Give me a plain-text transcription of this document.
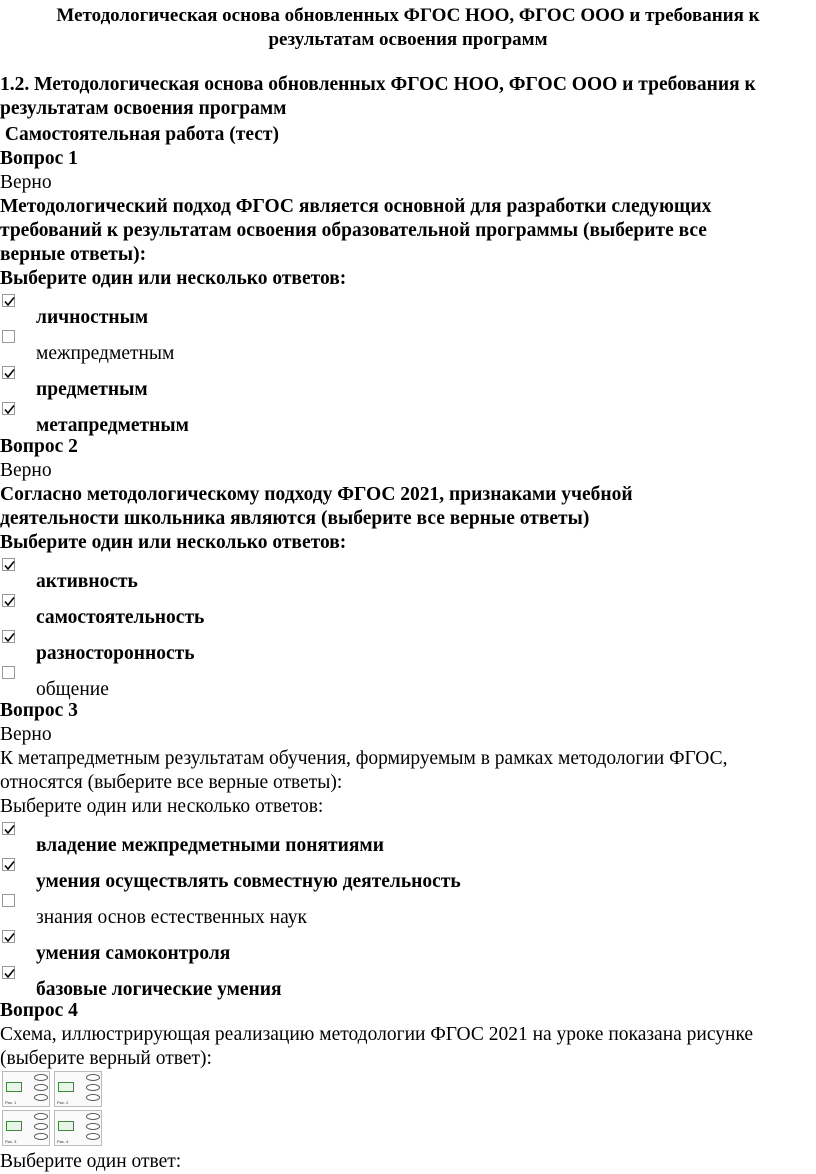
Методологическая основа обновленных ФГОС НОО, ФГОС ООО и требования к
результатам освоения программ
1.2. Методологическая основа обновленных ФГОС НОО, ФГОС ООО и требования к
результатам освоения программ
Самостоятельная работа (тест)
Вопрос 1
Верно
Методологический подход ФГОС является основной для разработки следующих
требований к результатам освоения образовательной программы (выберите все
верные ответы):
Выберите один или несколько ответов:
личностным
межпредметным
предметным
метапредметным
Вопрос 2
Верно
Согласно методологическому подходу ФГОС 2021, признаками учебной
деятельности школьника являются (выберите все верные ответы)
Выберите один или несколько ответов:
активность
самостоятельность
разносторонность
общение
Вопрос 3
Верно
К метапредметным результатам обучения, формируемым в рамках методологии ФГОС,
относятся (выберите все верные ответы):
Выберите один или несколько ответов:
владение межпредметными понятиями
умения осуществлять совместную деятельность
знания основ естественных наук
умения самоконтроля
базовые логические умения
Вопрос 4
Схема, иллюстрирующая реализацию методологии ФГОС 2021 на уроке показана рисунке
(выберите верный ответ):
Рис. 1	Рис. 2
Рис. 3	Рис. 4
Выберите один ответ:
